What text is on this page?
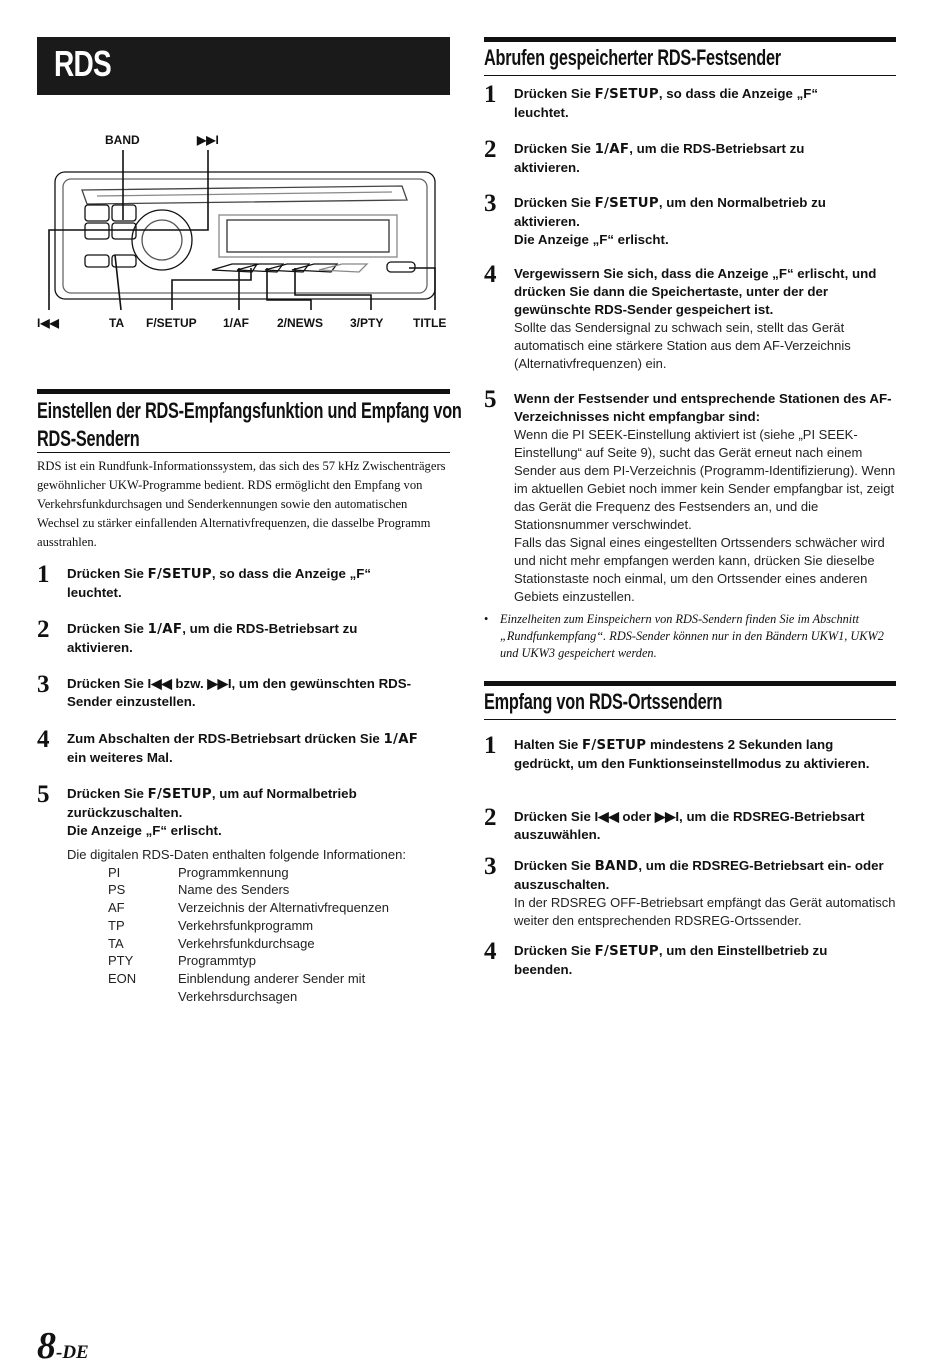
RDS
BAND	▶▶I
I◀◀	TA F/SETUP 1/AF 2/NEWS 3/PTY TITLE
Einstellen der RDS-Empfangsfunktion und Empfang von
RDS-Sendern
RDS ist ein Rundfunk-Informationssystem, das sich des 57 kHz Zwischenträgers gewöhnlicher UKW-Programme bedient. RDS ermöglicht den Empfang von Verkehrsfunkdurchsagen und Senderkennungen sowie den automatischen Wechsel zu stärker einfallenden Alternativfrequenzen, die dasselbe Programm ausstrahlen.
1 Drücken Sie F/SETUP, so dass die Anzeige „F“ leuchtet.
2 Drücken Sie 1/AF, um die RDS-Betriebsart zu aktivieren.
3 Drücken Sie I◀◀ bzw. ▶▶I, um den gewünschten RDS-Sender einzustellen.
4 Zum Abschalten der RDS-Betriebsart drücken Sie 1/AF ein weiteres Mal.
5 Drücken Sie F/SETUP, um auf Normalbetrieb zurückzuschalten.
Die Anzeige „F“ erlischt.
Die digitalen RDS-Daten enthalten folgende Informationen:
PI	Programmkennung
PS	Name des Senders
AF	Verzeichnis der Alternativfrequenzen
TP	Verkehrsfunkprogramm
TA	Verkehrsfunkdurchsage
PTY	Programmtyp
EON	Einblendung anderer Sender mit
Verkehrsdurchsagen
Abrufen gespeicherter RDS-Festsender
1 Drücken Sie F/SETUP, so dass die Anzeige „F“ leuchtet.
2 Drücken Sie 1/AF, um die RDS-Betriebsart zu aktivieren.
3 Drücken Sie F/SETUP, um den Normalbetrieb zu aktivieren.
Die Anzeige „F“ erlischt.
4 Vergewissern Sie sich, dass die Anzeige „F“ erlischt, und drücken Sie dann die Speichertaste, unter der der gewünschte RDS-Sender gespeichert ist.
Sollte das Sendersignal zu schwach sein, stellt das Gerät automatisch eine stärkere Station aus dem AF-Verzeichnis (Alternativfrequenzen) ein.
5 Wenn der Festsender und entsprechende Stationen des AF-Verzeichnisses nicht empfangbar sind:
Wenn die PI SEEK-Einstellung aktiviert ist (siehe „PI SEEK-Einstellung“ auf Seite 9), sucht das Gerät erneut nach einem Sender aus dem PI-Verzeichnis (Programm-Identifizierung). Wenn im aktuellen Gebiet noch immer kein Sender empfangbar ist, zeigt das Gerät die Frequenz des Festsenders an, und die Stationsnummer verschwindet.
Falls das Signal eines eingestellten Ortssenders schwächer wird und nicht mehr empfangen werden kann, drücken Sie dieselbe Stationstaste noch einmal, um den Ortssender eines anderen Gebiets einzustellen.
• Einzelheiten zum Einspeichern von RDS-Sendern finden Sie im Abschnitt „Rundfunkempfang“. RDS-Sender können nur in den Bändern UKW1, UKW2 und UKW3 gespeichert werden.
Empfang von RDS-Ortssendern
1 Halten Sie F/SETUP mindestens 2 Sekunden lang gedrückt, um den Funktionseinstellmodus zu aktivieren.
2 Drücken Sie I◀◀ oder ▶▶I, um die RDSREG-Betriebsart auszuwählen.
3 Drücken Sie BAND, um die RDSREG-Betriebsart ein- oder auszuschalten.
In der RDSREG OFF-Betriebsart empfängt das Gerät automatisch weiter den entsprechenden RDSREG-Ortssender.
4 Drücken Sie F/SETUP, um den Einstellbetrieb zu beenden.
8-DE
